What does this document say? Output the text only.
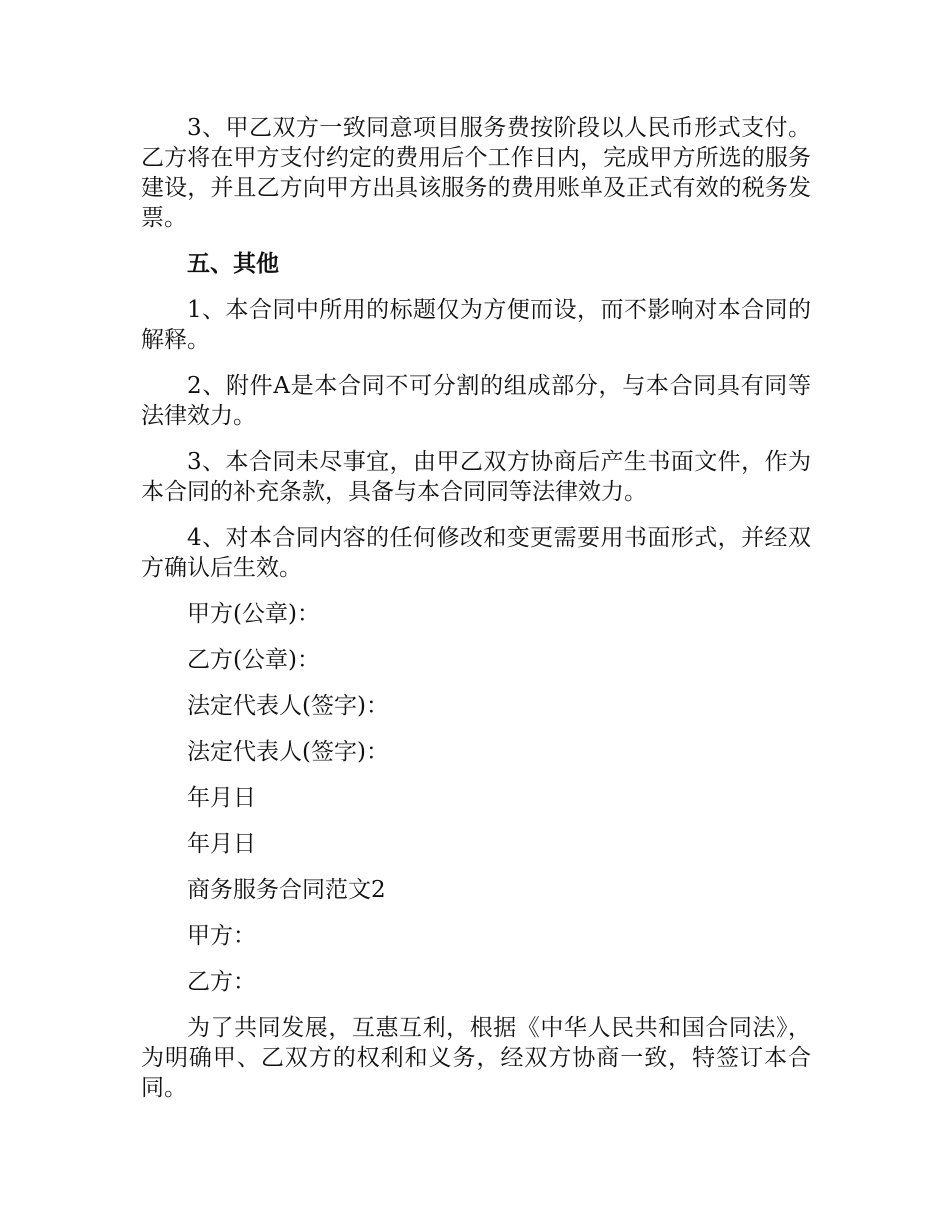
3、甲乙双方一致同意项目服务费按阶段以人民币形式支付。乙方将在甲方支付约定的费用后个工作日内，完成甲方所选的服务建设，并且乙方向甲方出具该服务的费用账单及正式有效的税务发票。

五、其他

1、本合同中所用的标题仅为方便而设，而不影响对本合同的解释。

2、附件A是本合同不可分割的组成部分，与本合同具有同等法律效力。

3、本合同未尽事宜，由甲乙双方协商后产生书面文件，作为本合同的补充条款，具备与本合同同等法律效力。

4、对本合同内容的任何修改和变更需要用书面形式，并经双方确认后生效。

甲方(公章)：

乙方(公章)：

法定代表人(签字)：

法定代表人(签字)：

年月日

年月日

商务服务合同范文2

甲方：

乙方：

为了共同发展，互惠互利，根据《中华人民共和国合同法》，为明确甲、乙双方的权利和义务，经双方协商一致，特签订本合同。
